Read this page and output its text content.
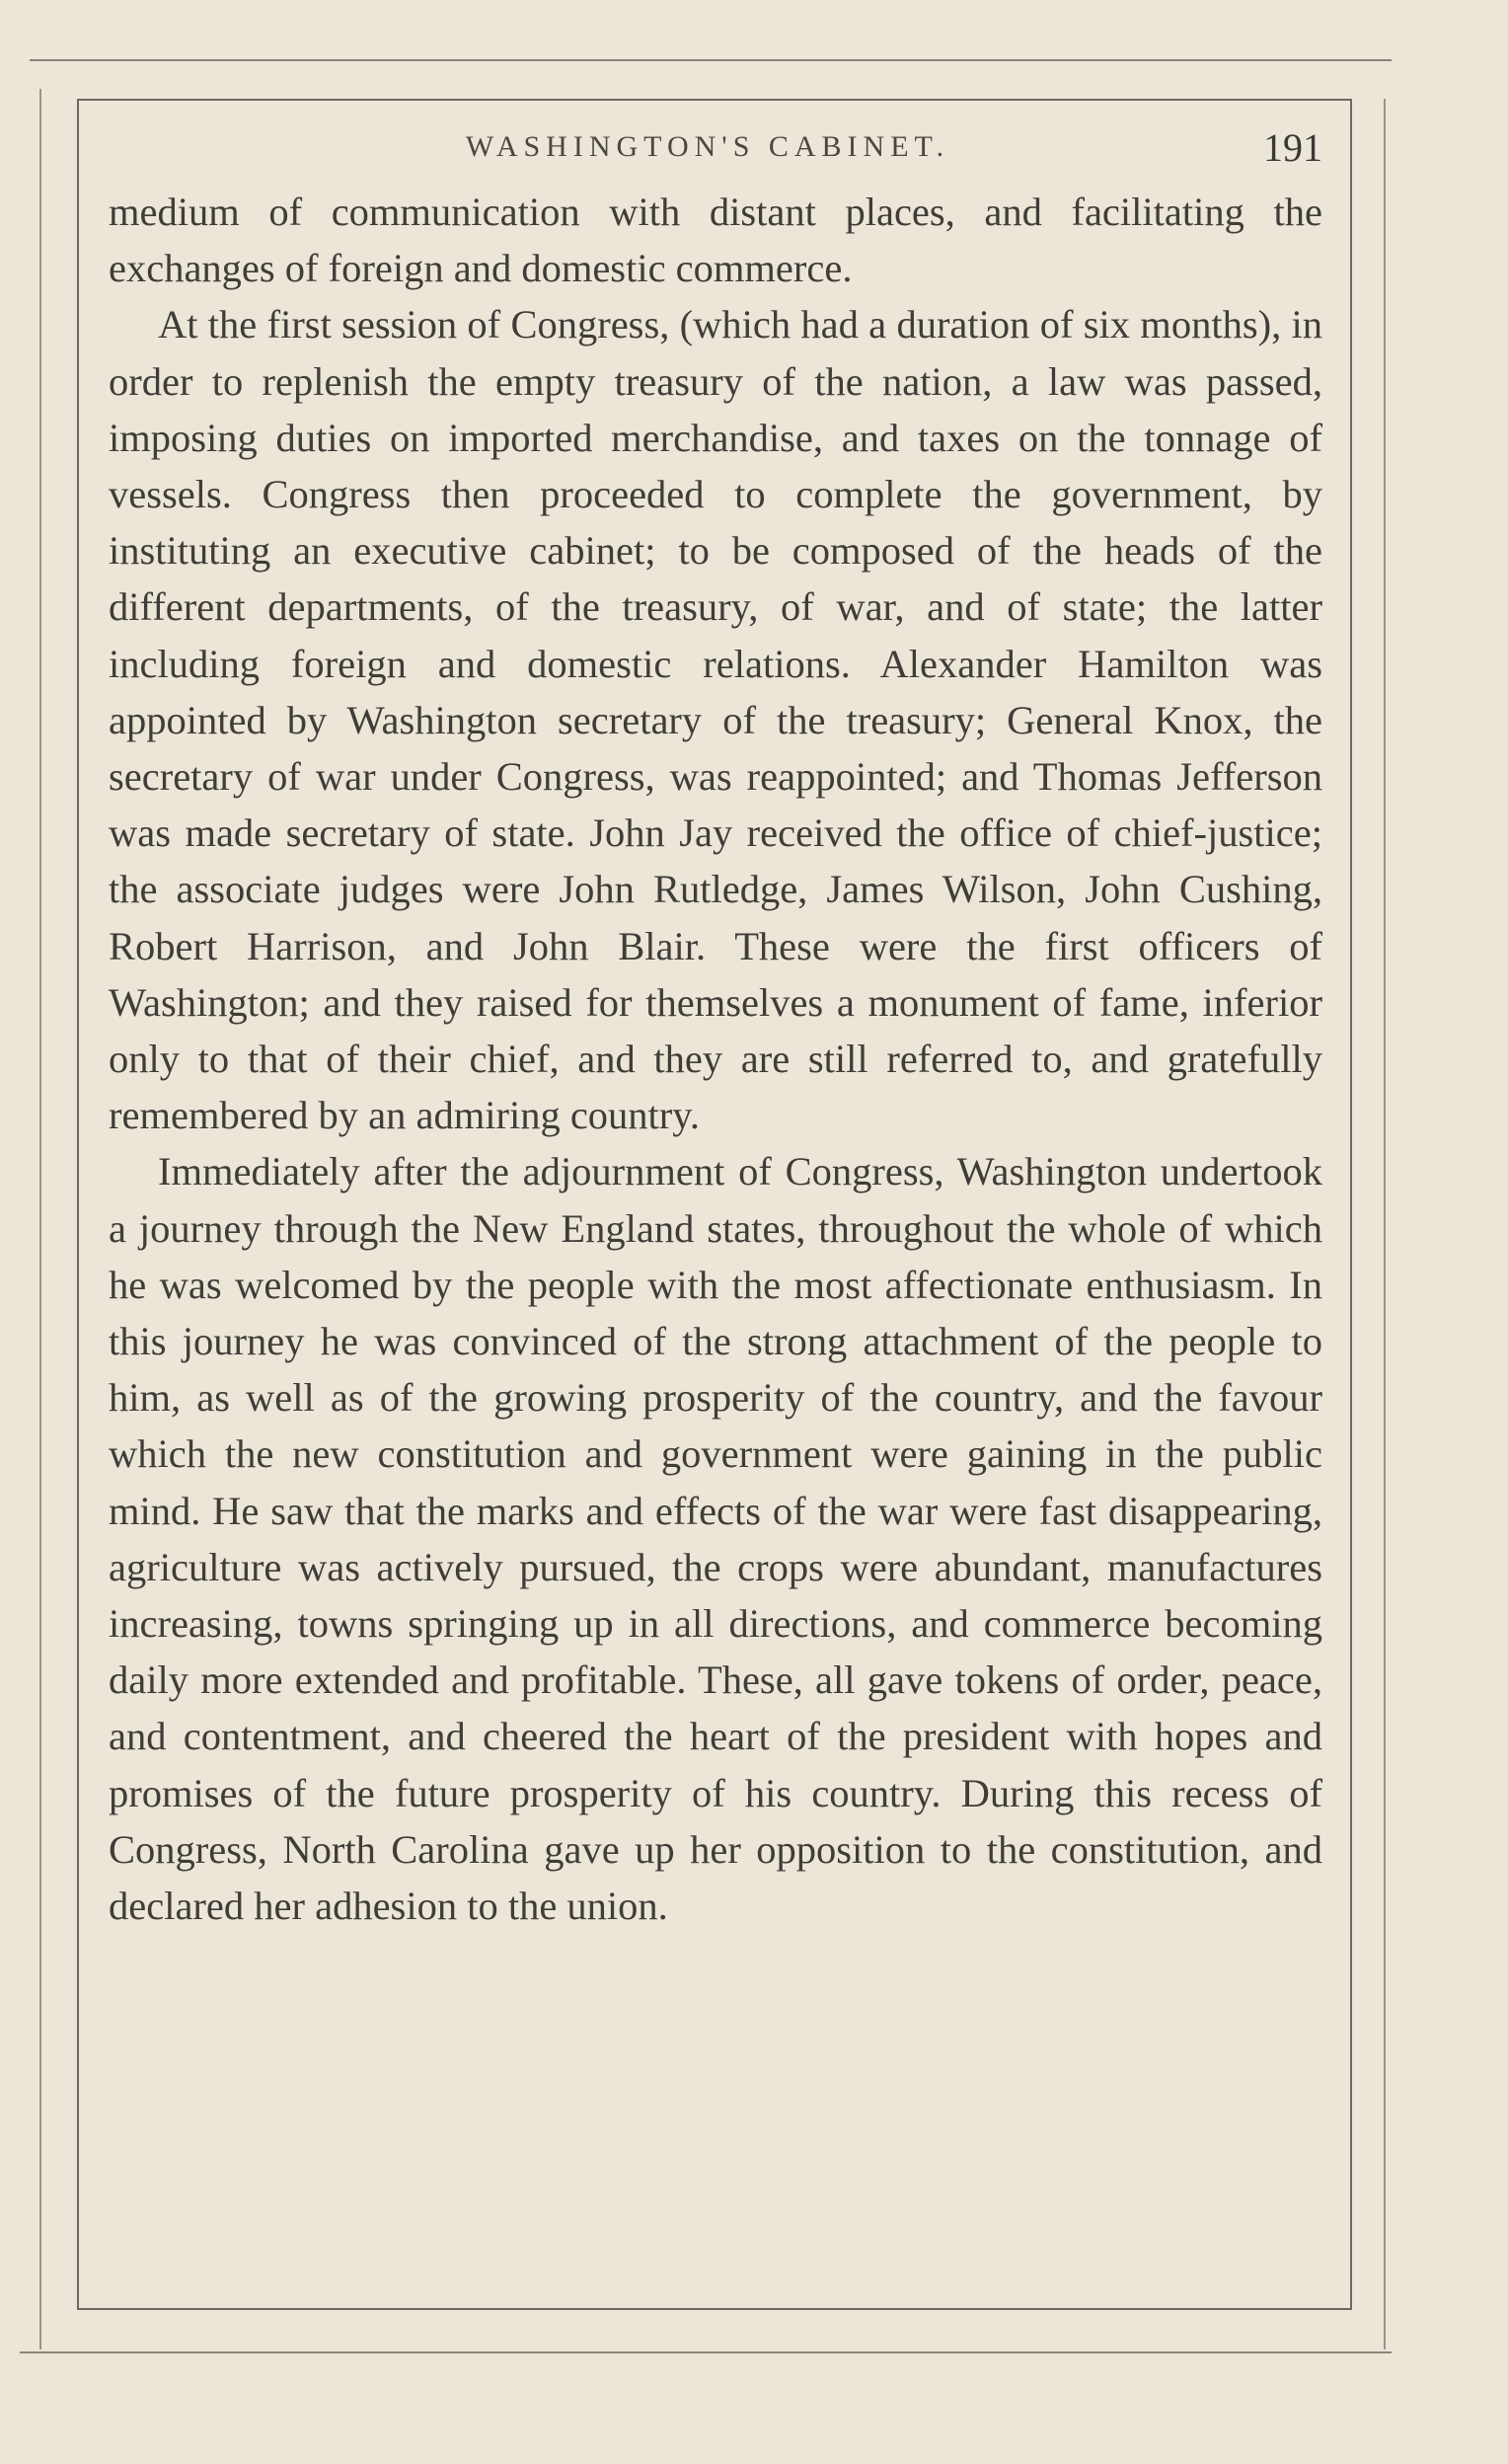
WASHINGTON'S CABINET.	191

medium of communication with distant places, and facilitating the exchanges of foreign and domestic commerce.

At the first session of Congress, (which had a duration of six months), in order to replenish the empty treasury of the nation, a law was passed, imposing duties on imported merchandise, and taxes on the tonnage of vessels. Congress then proceeded to complete the government, by instituting an executive cabinet; to be composed of the heads of the different departments, of the treasury, of war, and of state; the latter including foreign and domestic relations. Alexander Hamilton was appointed by Washington secretary of the treasury; General Knox, the secretary of war under Congress, was reappointed; and Thomas Jefferson was made secretary of state. John Jay received the office of chief-justice; the associate judges were John Rutledge, James Wilson, John Cushing, Robert Harrison, and John Blair. These were the first officers of Washington; and they raised for themselves a monument of fame, inferior only to that of their chief, and they are still referred to, and gratefully remembered by an admiring country.

Immediately after the adjournment of Congress, Washington undertook a journey through the New England states, throughout the whole of which he was welcomed by the people with the most affectionate enthusiasm. In this journey he was convinced of the strong attachment of the people to him, as well as of the growing prosperity of the country, and the favour which the new constitution and government were gaining in the public mind. He saw that the marks and effects of the war were fast disappearing, agriculture was actively pursued, the crops were abundant, manufactures increasing, towns springing up in all directions, and commerce becoming daily more extended and profitable. These, all gave tokens of order, peace, and contentment, and cheered the heart of the president with hopes and promises of the future prosperity of his country. During this recess of Congress, North Carolina gave up her opposition to the constitution, and declared her adhesion to the union.
